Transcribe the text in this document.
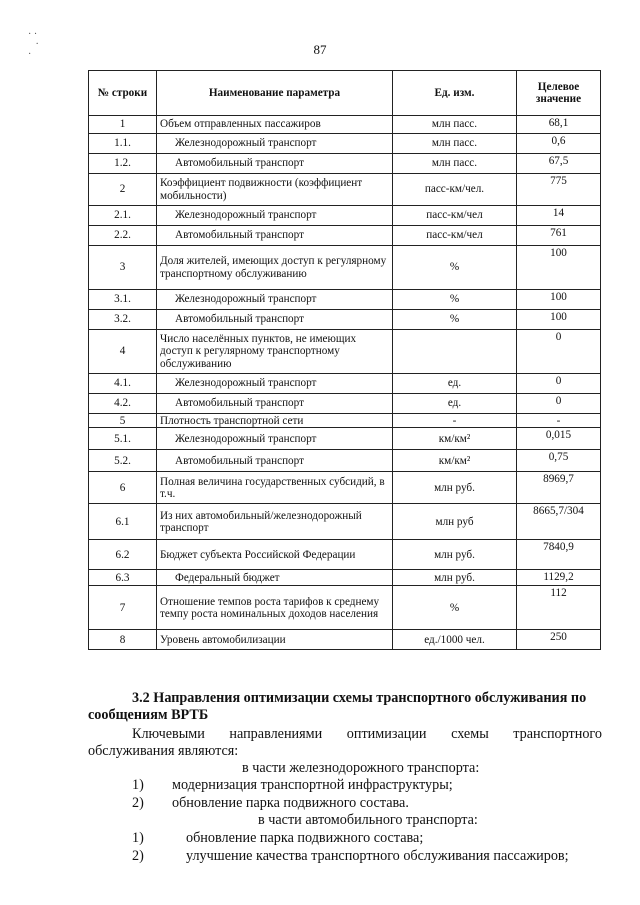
· ·
·
·	87
№ строки	Наименование параметра	Ед. изм.	Целевое значение
1	Объем отправленных пассажиров	млн пасс.	68,1
1.1.	Железнодорожный транспорт	млн пасс.	0,6
1.2.	Автомобильный транспорт	млн пасс.	67,5
2	Коэффициент подвижности (коэффициент мобильности)	пасс-км/чел.	775
2.1.	Железнодорожный транспорт	пасс-км/чел	14
2.2.	Автомобильный транспорт	пасс-км/чел	761
3	Доля жителей, имеющих доступ к регулярному транспортному обслуживанию	%	100
3.1.	Железнодорожный транспорт	%	100
3.2.	Автомобильный транспорт	%	100
4	Число населённых пунктов, не имеющих доступ к регулярному транспортному обслуживанию		0
4.1.	Железнодорожный транспорт	ед.	0
4.2.	Автомобильный транспорт	ед.	0
5	Плотность транспортной сети	-	-
5.1.	Железнодорожный транспорт	км/км²	0,015
5.2.	Автомобильный транспорт	км/км²	0,75
6	Полная величина государственных субсидий, в т.ч.	млн руб.	8969,7
6.1	Из них автомобильный/железнодорожный транспорт	млн руб	8665,7/304
6.2	Бюджет субъекта Российской Федерации	млн руб.	7840,9
6.3	Федеральный бюджет	млн руб.	1129,2
7	Отношение темпов роста тарифов к среднему темпу роста номинальных доходов населения	%	112
8	Уровень автомобилизации	ед./1000 чел.	250
3.2 Направления оптимизации схемы транспортного обслуживания по сообщениям ВРТБ
Ключевыми направлениями оптимизации схемы транспортного обслуживания являются:
в части железнодорожного транспорта:
1) модернизация транспортной инфраструктуры;
2) обновление парка подвижного состава.
в части автомобильного транспорта:
1)	обновление парка подвижного состава;
2)	улучшение качества транспортного обслуживания пассажиров;
